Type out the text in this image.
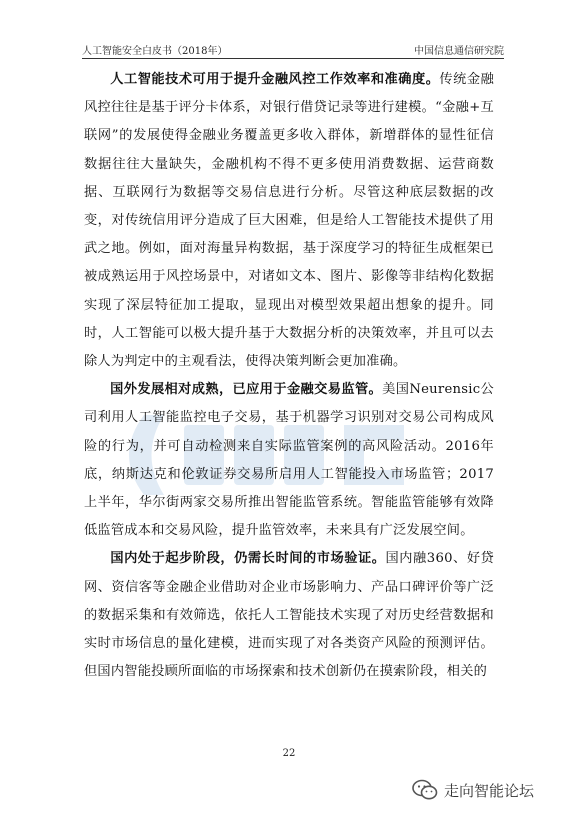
人工智能安全白皮书（2018年）	中国信息通信研究院

人工智能技术可用于提升金融风控工作效率和准确度。传统金融风控往往是基于评分卡体系，对银行借贷记录等进行建模。“金融+互联网”的发展使得金融业务覆盖更多收入群体，新增群体的显性征信数据往往大量缺失，金融机构不得不更多使用消费数据、运营商数据、互联网行为数据等交易信息进行分析。尽管这种底层数据的改变，对传统信用评分造成了巨大困难，但是给人工智能技术提供了用武之地。例如，面对海量异构数据，基于深度学习的特征生成框架已被成熟运用于风控场景中，对诸如文本、图片、影像等非结构化数据实现了深层特征加工提取，显现出对模型效果超出想象的提升。同时，人工智能可以极大提升基于大数据分析的决策效率，并且可以去除人为判定中的主观看法，使得决策判断会更加准确。

国外发展相对成熟，已应用于金融交易监管。美国Neurensic公司利用人工智能监控电子交易，基于机器学习识别对交易公司构成风险的行为，并可自动检测来自实际监管案例的高风险活动。2016年底，纳斯达克和伦敦证券交易所启用人工智能投入市场监管；2017上半年，华尔街两家交易所推出智能监管系统。智能监管能够有效降低监管成本和交易风险，提升监管效率，未来具有广泛发展空间。

国内处于起步阶段，仍需长时间的市场验证。国内融360、好贷网、资信客等金融企业借助对企业市场影响力、产品口碑评价等广泛的数据采集和有效筛选，依托人工智能技术实现了对历史经营数据和实时市场信息的量化建模，进而实现了对各类资产风险的预测评估。但国内智能投顾所面临的市场探索和技术创新仍在摸索阶段，相关的

22
走向智能论坛
